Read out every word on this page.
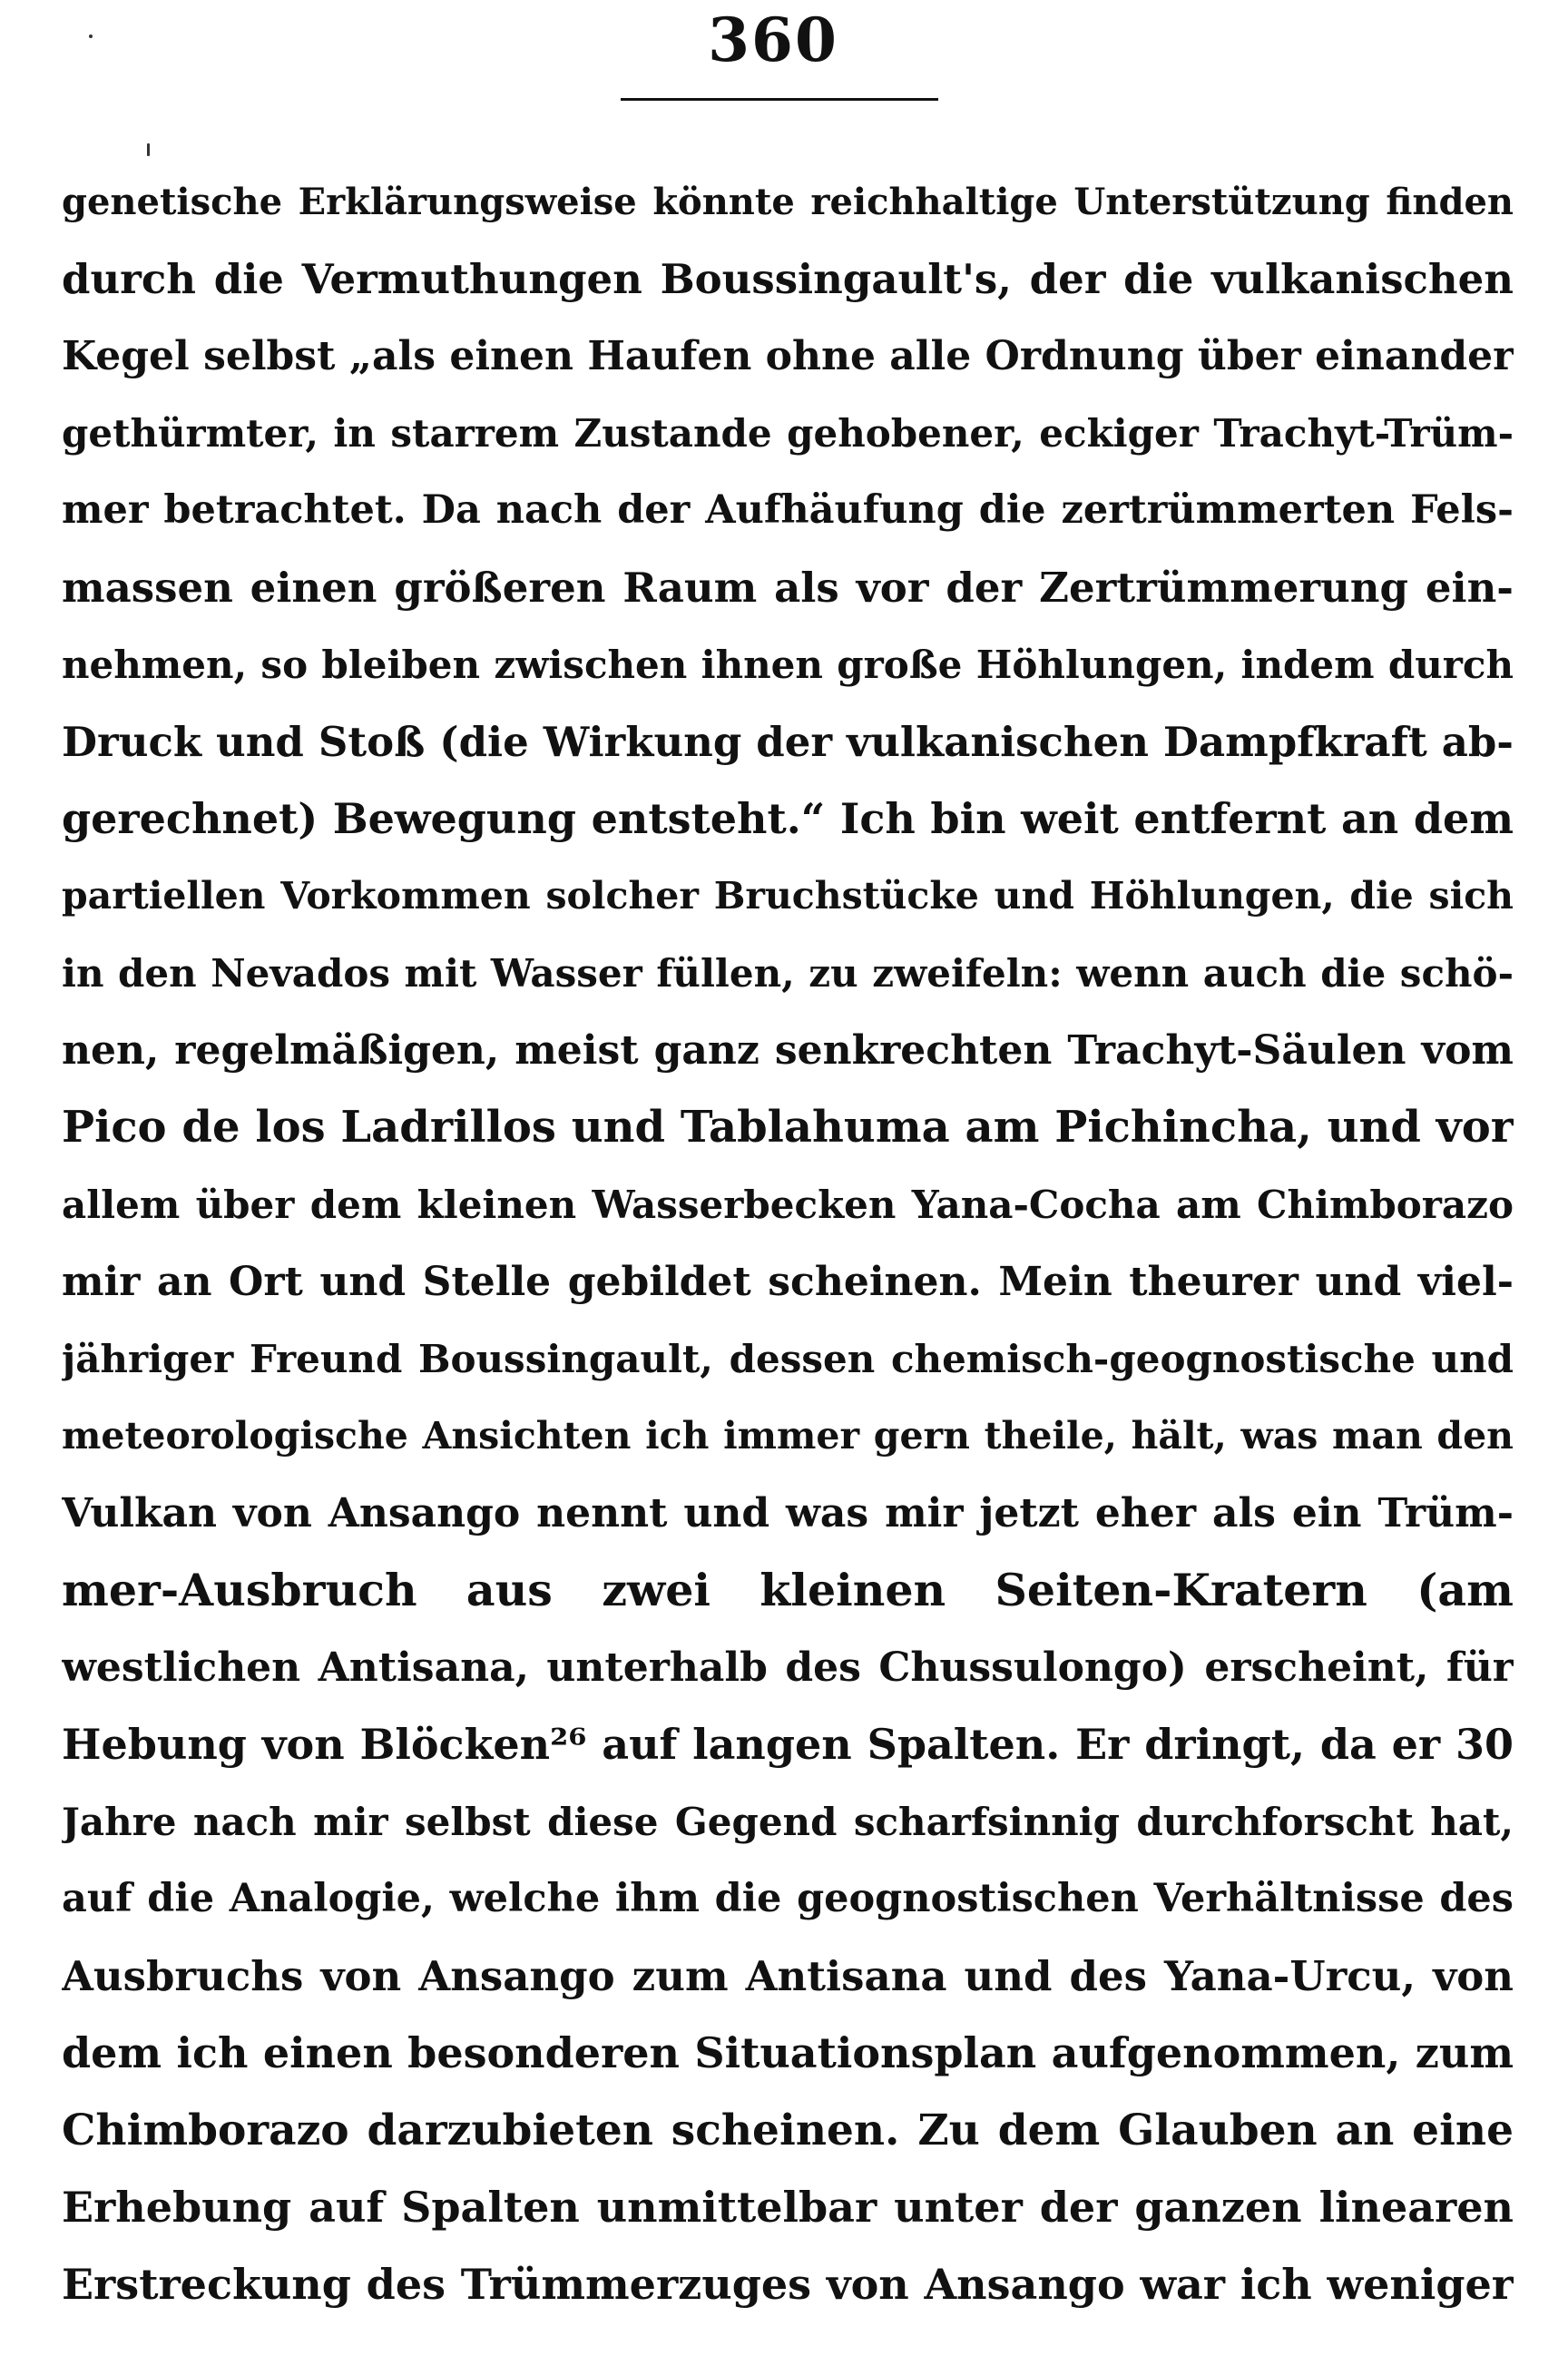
360
genetische Erklärungsweise könnte reichhaltige Unterstützung finden
durch die Vermuthungen Boussingault's, der die vulkanischen
Kegel selbst „als einen Haufen ohne alle Ordnung über einander
gethürmter, in starrem Zustande gehobener, eckiger Trachyt-Trüm-
mer betrachtet. Da nach der Aufhäufung die zertrümmerten Fels-
massen einen größeren Raum als vor der Zertrümmerung ein-
nehmen, so bleiben zwischen ihnen große Höhlungen, indem durch
Druck und Stoß (die Wirkung der vulkanischen Dampfkraft ab-
gerechnet) Bewegung entsteht.“ Ich bin weit entfernt an dem
partiellen Vorkommen solcher Bruchstücke und Höhlungen, die sich
in den Nevados mit Wasser füllen, zu zweifeln: wenn auch die schö-
nen, regelmäßigen, meist ganz senkrechten Trachyt-Säulen vom
Pico de los Ladrillos und Tablahuma am Pichincha, und vor
allem über dem kleinen Wasserbecken Yana-Cocha am Chimborazo
mir an Ort und Stelle gebildet scheinen. Mein theurer und viel-
jähriger Freund Boussingault, dessen chemisch-geognostische und
meteorologische Ansichten ich immer gern theile, hält, was man den
Vulkan von Ansango nennt und was mir jetzt eher als ein Trüm-
mer-Ausbruch aus zwei kleinen Seiten-Kratern (am
westlichen Antisana, unterhalb des Chussulongo) erscheint, für
Hebung von Blöcken²⁶ auf langen Spalten. Er dringt, da er 30
Jahre nach mir selbst diese Gegend scharfsinnig durchforscht hat,
auf die Analogie, welche ihm die geognostischen Verhältnisse des
Ausbruchs von Ansango zum Antisana und des Yana-Urcu, von
dem ich einen besonderen Situationsplan aufgenommen, zum
Chimborazo darzubieten scheinen. Zu dem Glauben an eine
Erhebung auf Spalten unmittelbar unter der ganzen linearen
Erstreckung des Trümmerzuges von Ansango war ich weniger
